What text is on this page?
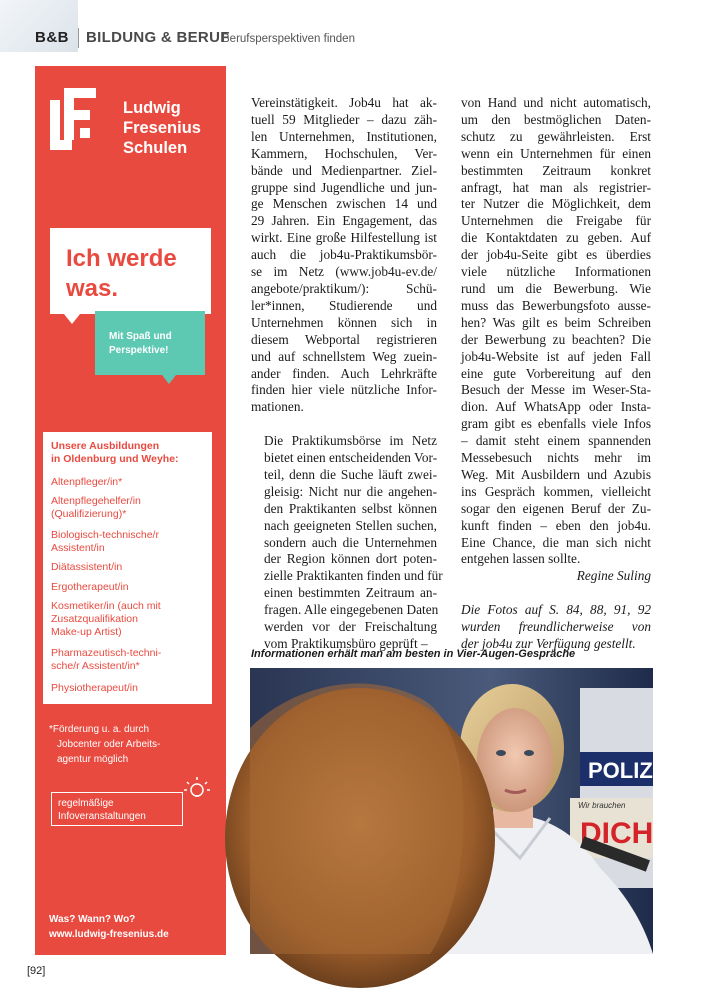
B&B BILDUNG & BERUF
Berufsperspektiven finden
Ludwig
Fresenius
Schulen
Ich werde
was.
Mit Spaß und
Perspektive!
Unsere Ausbildungen
in Oldenburg und Weyhe:
Altenpfleger/in*
Altenpflegehelfer/in
(Qualifizierung)*
Biologisch-technische/r
Assistent/in
Diätassistent/in
Ergotherapeut/in
Kosmetiker/in (auch mit
Zusatzqualifikation
Make-up Artist)
Pharmazeutisch-techni-
sche/r Assistent/in*
Physiotherapeut/in
*Förderung u. a. durch
Jobcenter oder Arbeits-
agentur möglich
regelmäßige
Infoveranstaltungen
Was? Wann? Wo?
www.ludwig-fresenius.de
Vereinstätigkeit. Job4u hat ak-
tuell 59 Mitglieder – dazu zäh-
len Unternehmen, Institutionen,
Kammern, Hochschulen, Ver-
bände und Medienpartner. Ziel-
gruppe sind Jugendliche und jun-
ge Menschen zwischen 14 und
29 Jahren. Ein Engagement, das
wirkt. Eine große Hilfestellung ist
auch die job4u-Praktikumsbör-
se im Netz (www.job4u-ev.de/
angebote/praktikum/): Schü-
ler*innen, Studierende und
Unternehmen können sich in
diesem Webportal registrieren
und auf schnellstem Weg zuein-
ander finden. Auch Lehrkräfte
finden hier viele nützliche Infor-
mationen.
Die Praktikumsbörse im Netz
bietet einen entscheidenden Vor-
teil, denn die Suche läuft zwei-
gleisig: Nicht nur die angehen-
den Praktikanten selbst können
nach geeigneten Stellen suchen,
sondern auch die Unternehmen
der Region können dort poten-
zielle Praktikanten finden und für
einen bestimmten Zeitraum an-
fragen. Alle eingegebenen Daten
werden vor der Freischaltung
vom Praktikumsbüro geprüft –
von Hand und nicht automatisch,
um den bestmöglichen Daten-
schutz zu gewährleisten. Erst
wenn ein Unternehmen für einen
bestimmten Zeitraum konkret
anfragt, hat man als registrier-
ter Nutzer die Möglichkeit, dem
Unternehmen die Freigabe für
die Kontaktdaten zu geben. Auf
der job4u-Seite gibt es überdies
viele nützliche Informationen
rund um die Bewerbung. Wie
muss das Bewerbungsfoto ausse-
hen? Was gilt es beim Schreiben
der Bewerbung zu beachten? Die
job4u-Website ist auf jeden Fall
eine gute Vorbereitung auf den
Besuch der Messe im Weser-Sta-
dion. Auf WhatsApp oder Insta-
gram gibt es ebenfalls viele Infos
– damit steht einem spannenden
Messebesuch nichts mehr im
Weg. Mit Ausbildern und Azubis
ins Gespräch kommen, vielleicht
sogar den eigenen Beruf der Zu-
kunft finden – eben den job4u.
Eine Chance, die man sich nicht
entgehen lassen sollte.
Regine Suling
Die Fotos auf S. 84, 88, 91, 92
wurden freundlicherweise von
der job4u zur Verfügung gestellt.
Informationen erhält man am besten in Vier-Augen-Gespräche
POLIZEI
Wir brauchen
DICH
[92]
